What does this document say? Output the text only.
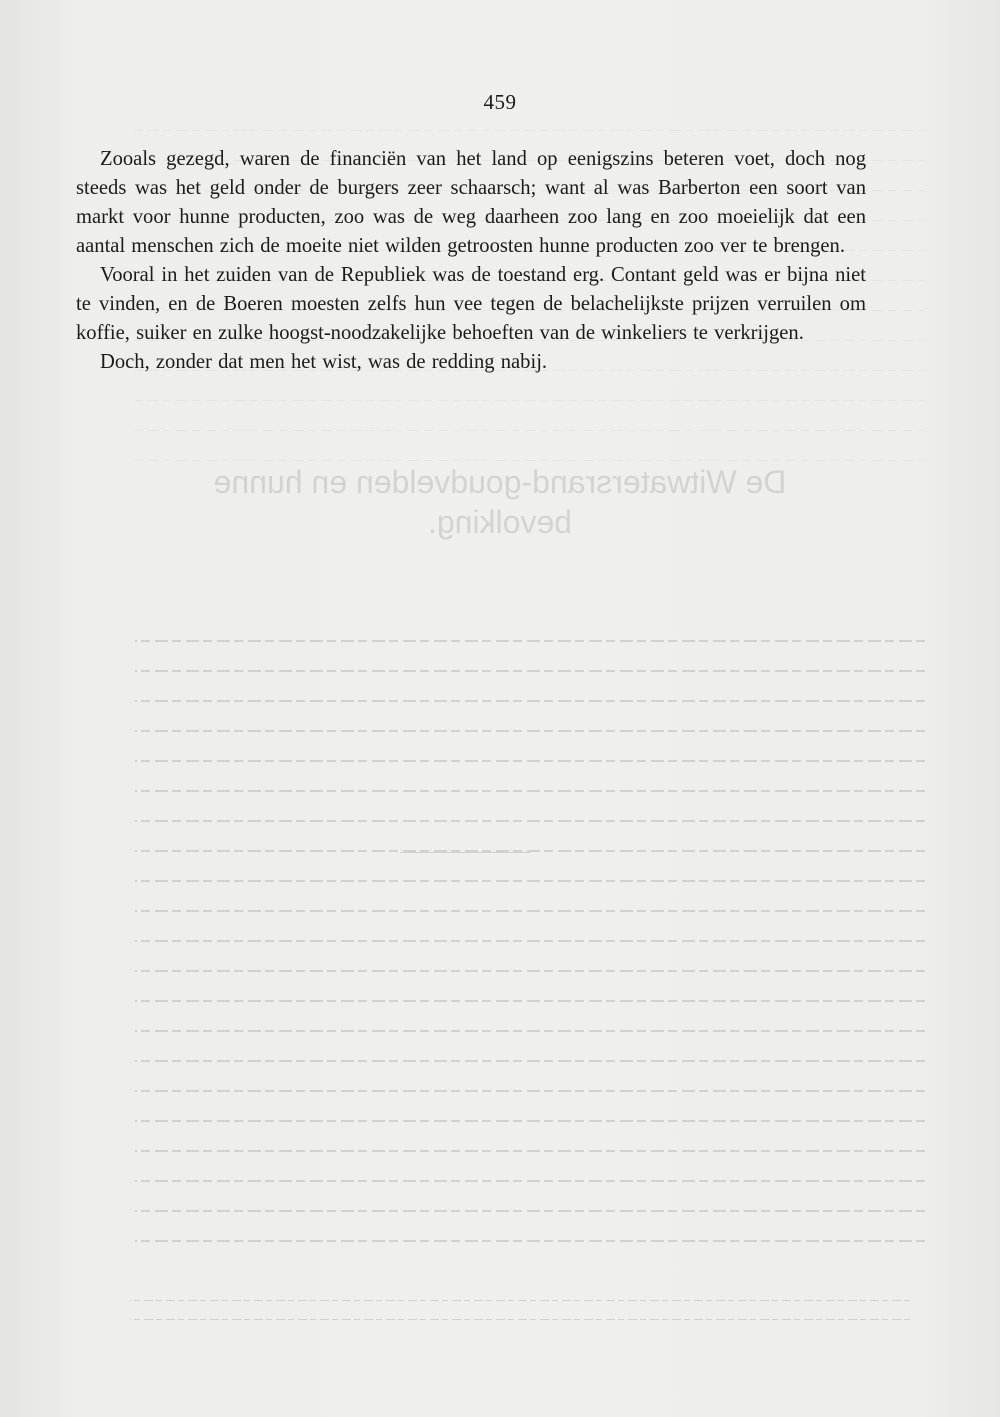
De Witwatersrand-goudvelden en hunne bevolking.
459

Zooals gezegd, waren de financiën van het land op eenigszins beteren voet, doch nog steeds was het geld onder de burgers zeer schaarsch; want al was Barberton een soort van markt voor hunne producten, zoo was de weg daarheen zoo lang en zoo moeielijk dat een aantal menschen zich de moeite niet wilden getroosten hunne producten zoo ver te brengen.

Vooral in het zuiden van de Republiek was de toestand erg. Contant geld was er bijna niet te vinden, en de Boeren moesten zelfs hun vee tegen de belachelijkste prijzen verruilen om koffie, suiker en zulke hoogst-noodzakelijke behoeften van de winkeliers te verkrijgen.

Doch, zonder dat men het wist, was de redding nabij.
